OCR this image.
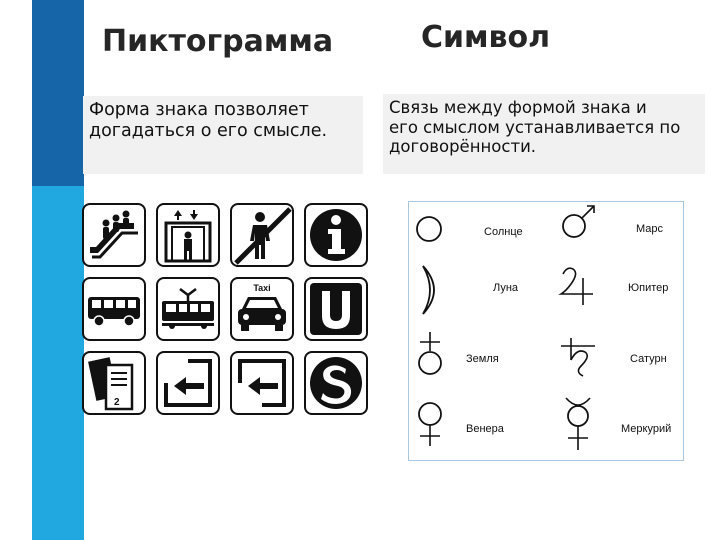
Пиктограмма	Символ
Форма знака позволяет
догадаться о его смысле.
Связь между формой знака и
его смыслом устанавливается по
договорённости.
Taxi
2
Солнце	Марс
Луна	Юпитер
Земля	Сатурн
Венера	Меркурий
